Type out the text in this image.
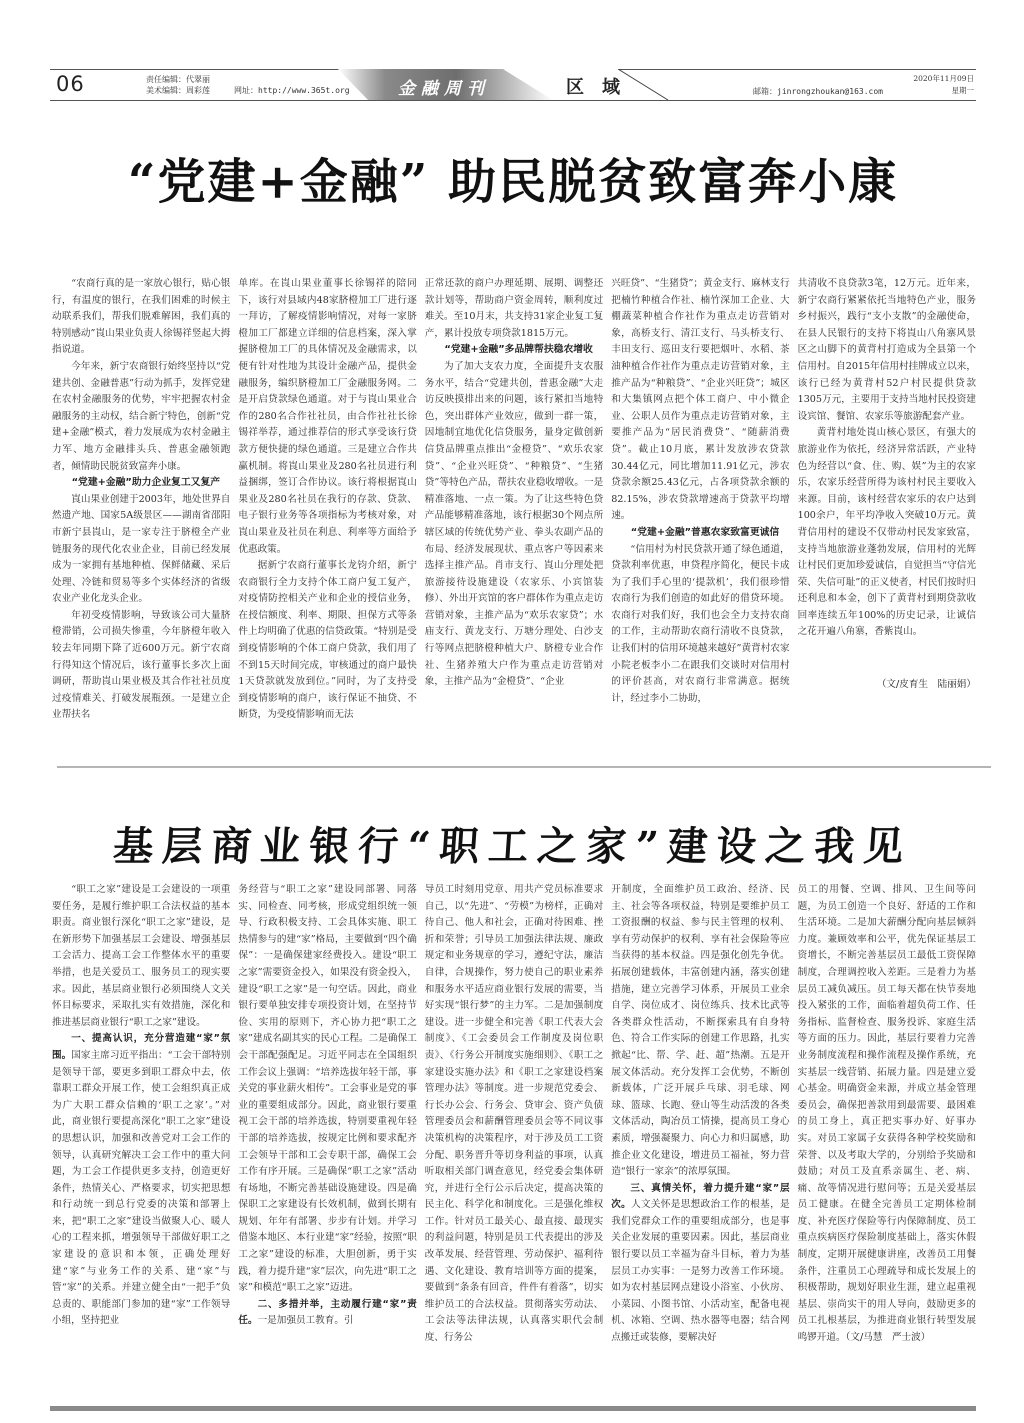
06	责任编辑：代翠丽
美术编辑：周彩莲	网址：http://www.365t.org	金融周刊	区域	邮箱：jinrongzhoukan@163.com
2020年11月09日
星期一
“党建+金融” 助民脱贫致富奔小康

“农商行真的是一家放心银行，贴心银行，有温度的银行，在我们困难的时候主动联系我们，帮我们脱难解困，我们真的特别感动”崀山果业负责人徐锡祥竖起大拇指说道。

今年来，新宁农商银行始终坚持以“党建共创、金融普惠”行动为抓手，发挥党建在农村金融服务的优势，牢牢把握农村金融服务的主动权，结合新宁特色，创新“党建+金融”模式，着力发展成为农村金融主力军、地方金融排头兵、普惠金融领跑者，倾情助民脱贫致富奔小康。

“党建+金融”助力企业复工又复产

崀山果业创建于2003年，地处世界自然遗产地、国家5A级景区——湖南省邵阳市新宁县崀山，是一家专注于脐橙全产业链服务的现代化农业企业，目前已经发展成为一家拥有基地种植、保鲜储藏、采后处理、冷链和贸易等多个实体经济的省级农业产业化龙头企业。

年初受疫情影响，导致该公司大量脐橙滞销，公司损失惨重，今年脐橙年收入较去年同期下降了近600万元。新宁农商行得知这个情况后，该行董事长多次上面调研，帮助崀山果业极及其合作社社员度过疫情难关、打破发展瓶颈。一是建立企业帮扶名

单库。在崀山果业董事长徐锡祥的陪同下，该行对县域内48家脐橙加工厂进行逐一拜访，了解疫情影响情况，对每一家脐橙加工厂都建立详细的信息档案，深入掌握脐橙加工厂的具体情况及金融需求，以便有针对性地为其设计金融产品，提供金融服务，编织脐橙加工厂金融服务网。二是开启贷款绿色通道。对于与崀山果业合作的280名合作社社员，由合作社社长徐锡祥举荐，通过推荐信的形式享受该行贷款方便快捷的绿色通道。三是建立合作共赢机制。将崀山果业及280名社员进行利益捆绑，签订合作协议。该行将根据崀山果业及280名社员在我行的存款、贷款、电子银行业务等各项指标为考核对象，对崀山果业及社员在利息、利率等方面给予优惠政策。

据新宁农商行董事长龙钧介绍，新宁农商银行全力支持个体工商户复工复产，对疫情防控相关产业和企业的授信业务，在授信额度、利率、期限、担保方式等条件上均明确了优惠的信贷政策。“特别是受到疫情影响的个体工商户贷款，我们用了不到15天时间完成，审核通过的商户最快1天贷款就发放到位。”同时，为了支持受到疫情影响的商户，该行保证不抽贷、不断贷，为受疫情影响而无法

正常还款的商户办理延期、展期、调整还款计划等，帮助商户资金周转，顺利度过难关。至10月末，共支持31家企业复工复产，累计投放专项贷款1815万元。

“党建+金融”多品牌帮扶稳农增收

为了加大支农力度，全面提升支农服务水平，结合“党建共创，普惠金融”大走访反映摸排出来的问题，该行紧扣当地特色，突出群体产业效应，做到一群一策，因地制宜地优化信贷服务，量身定做创新信贷品牌重点推出“金橙贷”、“欢乐农家贷”、“企业兴旺贷”、“种粮贷”、“生猪贷”等特色产品，帮扶农业稳收增收。一是精准落地、一点一策。为了让这些特色贷产品能够精准落地，该行根据30个网点所辖区域的传统优势产业、拳头农副产品的布局、经济发展现状、重点客户等因素来选择主推产品。肖市支行、崀山分理处把旅游接待设施建设（农家乐、小宾馆装修）、外出开宾馆的客户群体作为重点走访营销对象，主推产品为“欢乐农家贷”；水庙支行、黄龙支行、万塘分理处、白沙支行等网点把脐橙种植大户、脐橙专业合作社、生猪养殖大户作为重点走访营销对象，主推产品为“金橙贷”、“企业

兴旺贷”、“生猪贷”；黄金支行、麻林支行把楠竹种植合作社、楠竹深加工企业、大棚蔬菜种植合作社作为重点走访营销对象，高桥支行、清江支行、马头桥支行、丰田支行、巡田支行要把烟叶、水稻、茶油种植合作社作为重点走访营销对象，主推产品为“种粮贷”、“企业兴旺贷”；城区和大集镇网点把个体工商户、中小微企业、公职人员作为重点走访营销对象，主要推产品为“居民消费贷”、“随薪消费贷”。截止10月底，累计发放涉农贷款30.44亿元，同比增加11.91亿元，涉农贷款余额25.43亿元，占各项贷款余额的82.15%，涉农贷款增速高于贷款平均增速。

“党建+金融”普惠农家致富更诚信

“信用村为村民贷款开通了绿色通道，贷款利率优惠，申贷程序简化，便民卡成为了我们手心里的‘提款机’，我们很珍惜农商行为我们创造的如此好的借贷环境。农商行对我们好，我们也会全力支持农商的工作，主动帮助农商行清收不良贷款，让我们村的信用环境越来越好”黄背村农家小院老板李小二在跟我们交谈时对信用村的评价甚高，对农商行非常满意。据统计，经过李小二协助，

共清收不良贷款3笔，12万元。近年来，新宁农商行紧紧依托当地特色产业，服务乡村振兴，践行“支小支散”的金融使命，在县人民银行的支持下将崀山八角寨风景区之山脚下的黄背村打造成为全县第一个信用村。自2015年信用村挂牌成立以来，该行已经为黄背村52户村民提供贷款1305万元，主要用于支持当地村民投资建设宾馆、餐馆、农家乐等旅游配套产业。

黄背村地处崀山核心景区，有强大的旅游业作为依托，经济异常活跃，产业特色为经营以“食、住、购、娱”为主的农家乐，农家乐经营所得为该村村民主要收入来源。目前，该村经营农家乐的农户达到100余户，年平均净收入突破10万元。黄背信用村的建设不仅带动村民发家致富，支持当地旅游业蓬勃发展，信用村的光辉让村民们更加珍爱诚信，自觉担当“守信光荣、失信可耻”的正义使者，村民们按时归还利息和本金，创下了黄背村到期贷款收回率连续五年100%的历史记录，让诚信之花开遍八角寨，香紫崀山。

（文/皮育生　陆丽娟）

基层商业银行“职工之家”建设之我见

“职工之家”建设是工会建设的一项重要任务，是履行维护职工合法权益的基本职责。商业银行深化“职工之家”建设，是在新形势下加强基层工会建设、增强基层工会活力、提高工会工作整体水平的重要举措，也是关爱员工、服务员工的现实要求。因此，基层商业银行必须围绕人文关怀目标要求，采取扎实有效措施，深化和推进基层商业银行“职工之家”建设。

一、提高认识，充分营造建“家”氛围。国家主席习近平指出：“工会干部特别是领导干部，要更多到职工群众中去，依靠职工群众开展工作，使工会组织真正成为广大职工群众信赖的‘职工之家’。”对此，商业银行要提高深化“职工之家”建设的思想认识，加强和改善党对工会工作的领导，认真研究解决工会工作中的重大问题，为工会工作提供更多支持，创造更好条件，热情关心、严格要求，切实把思想和行动统一到总行党委的决策和部署上来，把“职工之家”建设当做聚人心、暖人心的工程来抓，增强领导干部做好职工之家建设的意识和本领，正确处理好建“家”与业务工作的关系、建“家”与管“家”的关系。并建立健全由“一把手”负总责的、职能部门参加的建“家”工作领导小组，坚持把业

务经营与“职工之家”建设同部署、同落实、同检查、同考核，形成党组织统一领导、行政积极支持、工会具体实施、职工热情参与的建“家”格局，主要做到“四个确保”：一是确保建家经费投入。建设“职工之家”需要资金投入，如果没有资金投入，建设“职工之家”是一句空话。因此，商业银行要单独安排专项投资计划，在坚持节俭、实用的原则下，齐心协力把“职工之家”建成名副其实的民心工程。二是确保工会干部配强配足。习近平同志在全国组织工作会议上强调：“培养选拔年轻干部，事关党的事业薪火相传”。工会事业是党的事业的重要组成部分。因此，商业银行要重视工会干部的培养选拔，特别要重视年轻干部的培养选拔，按规定比例和要求配齐工会领导干部和工会专职干部，确保工会工作有序开展。三是确保“职工之家”活动有场地，不断完善基础设施建设。四是确保职工之家建设有长效机制，做到长期有规划、年年有部署、步步有计划。并学习借鉴本地区、本行业建“家”经验，按照“职工之家”建设的标准，大胆创新，勇于实践，着力提升建“家”层次，向先进“职工之家”和模范“职工之家”迈进。

二、多措并举，主动履行建“家”责任。一是加强员工教育。引

导员工时刻用党章、用共产党员标准要求自己，以“先进”、“劳模”为榜样，正确对待自己、他人和社会，正确对待困难、挫折和荣誉；引导员工加强法律法规、廉政规定和业务规章的学习，遵纪守法，廉洁自律，合规操作，努力使自己的职业素养和服务水平适应商业银行发展的需要，当好实现“银行梦”的主力军。二是加强制度建设。进一步健全和完善《职工代表大会制度》、《工会委员会工作制度及岗位职责》、《行务公开制度实施细则》、《职工之家建设实施办法》和《职工之家建设档案管理办法》等制度。进一步规范党委会、行长办公会、行务会、贷审会、资产负债管理委员会和薪酬管理委员会等不同议事决策机构的决策程序，对于涉及员工工资分配、职务晋升等切身利益的事项，认真听取相关部门调查意见，经党委会集体研究，并进行全行公示后决定，提高决策的民主化、科学化和制度化。三是强化维权工作。针对员工最关心、最直接、最现实的利益问题，特别是员工代表提出的涉及改革发展、经营管理、劳动保护、福利待遇、文化建设、教育培训等方面的提案，要做到“条条有回音，件件有着落”，切实维护员工的合法权益。贯彻落实劳动法、工会法等法律法规，认真落实职代会制度、行务公

开制度，全面维护员工政治、经济、民主、社会等各项权益，特别是要维护员工工资报酬的权益、参与民主管理的权利、享有劳动保护的权利、享有社会保险等应当获得的基本权益。四是强化创先争优。拓展创建载体，丰富创建内涵，落实创建措施，建立完善学习体系，开展员工业余自学、岗位成才、岗位练兵、技术比武等各类群众性活动，不断探索具有自身特色、符合工作实际的创建工作思路，扎实掀起“比、帮、学、赶、超”热潮。五是开展文体活动。充分发挥工会优势，不断创新载体，广泛开展乒乓球、羽毛球、网球、篮球、长跑、登山等生动活泼的各类文体活动，陶冶员工情操，提高员工身心素质，增强凝聚力、向心力和归属感，助推企业文化建设，增进员工福祉，努力营造“银行一家亲”的浓厚氛围。

三、真情关怀，着力提升建“家”层次。人文关怀是思想政治工作的根基，是我们党群众工作的重要组成部分，也是事关企业发展的重要因素。因此，基层商业银行要以员工幸福为奋斗目标，着力为基层员工办实事：一是努力改善工作环境。如为农村基层网点建设小浴室、小伙房、小菜园、小图书馆、小活动室，配备电视机、冰箱、空调、热水器等电器；结合网点搬迁或装修，要解决好

员工的用餐、空调、排风、卫生间等问题，为员工创造一个良好、舒适的工作和生活环境。二是加大薪酬分配向基层倾斜力度。兼顾效率和公平，优先保证基层工资增长，不断完善基层员工最低工资保障制度，合理调控收入差距。三是着力为基层员工减负减压。员工每天都在快节奏地投入紧张的工作，面临着超负荷工作、任务指标、监督检查、服务投诉、家庭生活等方面的压力。因此，基层行要着力完善业务制度流程和操作流程及操作系统，充实基层一线营销、拓展力量。四是建立爱心基金。明确资金来源，并成立基金管理委员会，确保把善款用到最需要、最困难的员工身上，真正把实事办好、好事办实。对员工家属子女获得各种学校奖励和荣誉、以及考取大学的，分别给予奖励和鼓励；对员工及直系亲属生、老、病、痛、故等情况进行慰问等；五是关爱基层员工健康。在健全完善员工定期体检制度、补充医疗保险等行内保障制度、员工重点疾病医疗保险制度基础上，落实休假制度，定期开展健康讲座，改善员工用餐条件，注重员工心理疏导和成长发展上的积极帮助，规划好职业生涯，建立起重视基层、崇尚实干的用人导向，鼓励更多的员工扎根基层，为推进商业银行转型发展鸣锣开道。（文/马慧　严士波）
